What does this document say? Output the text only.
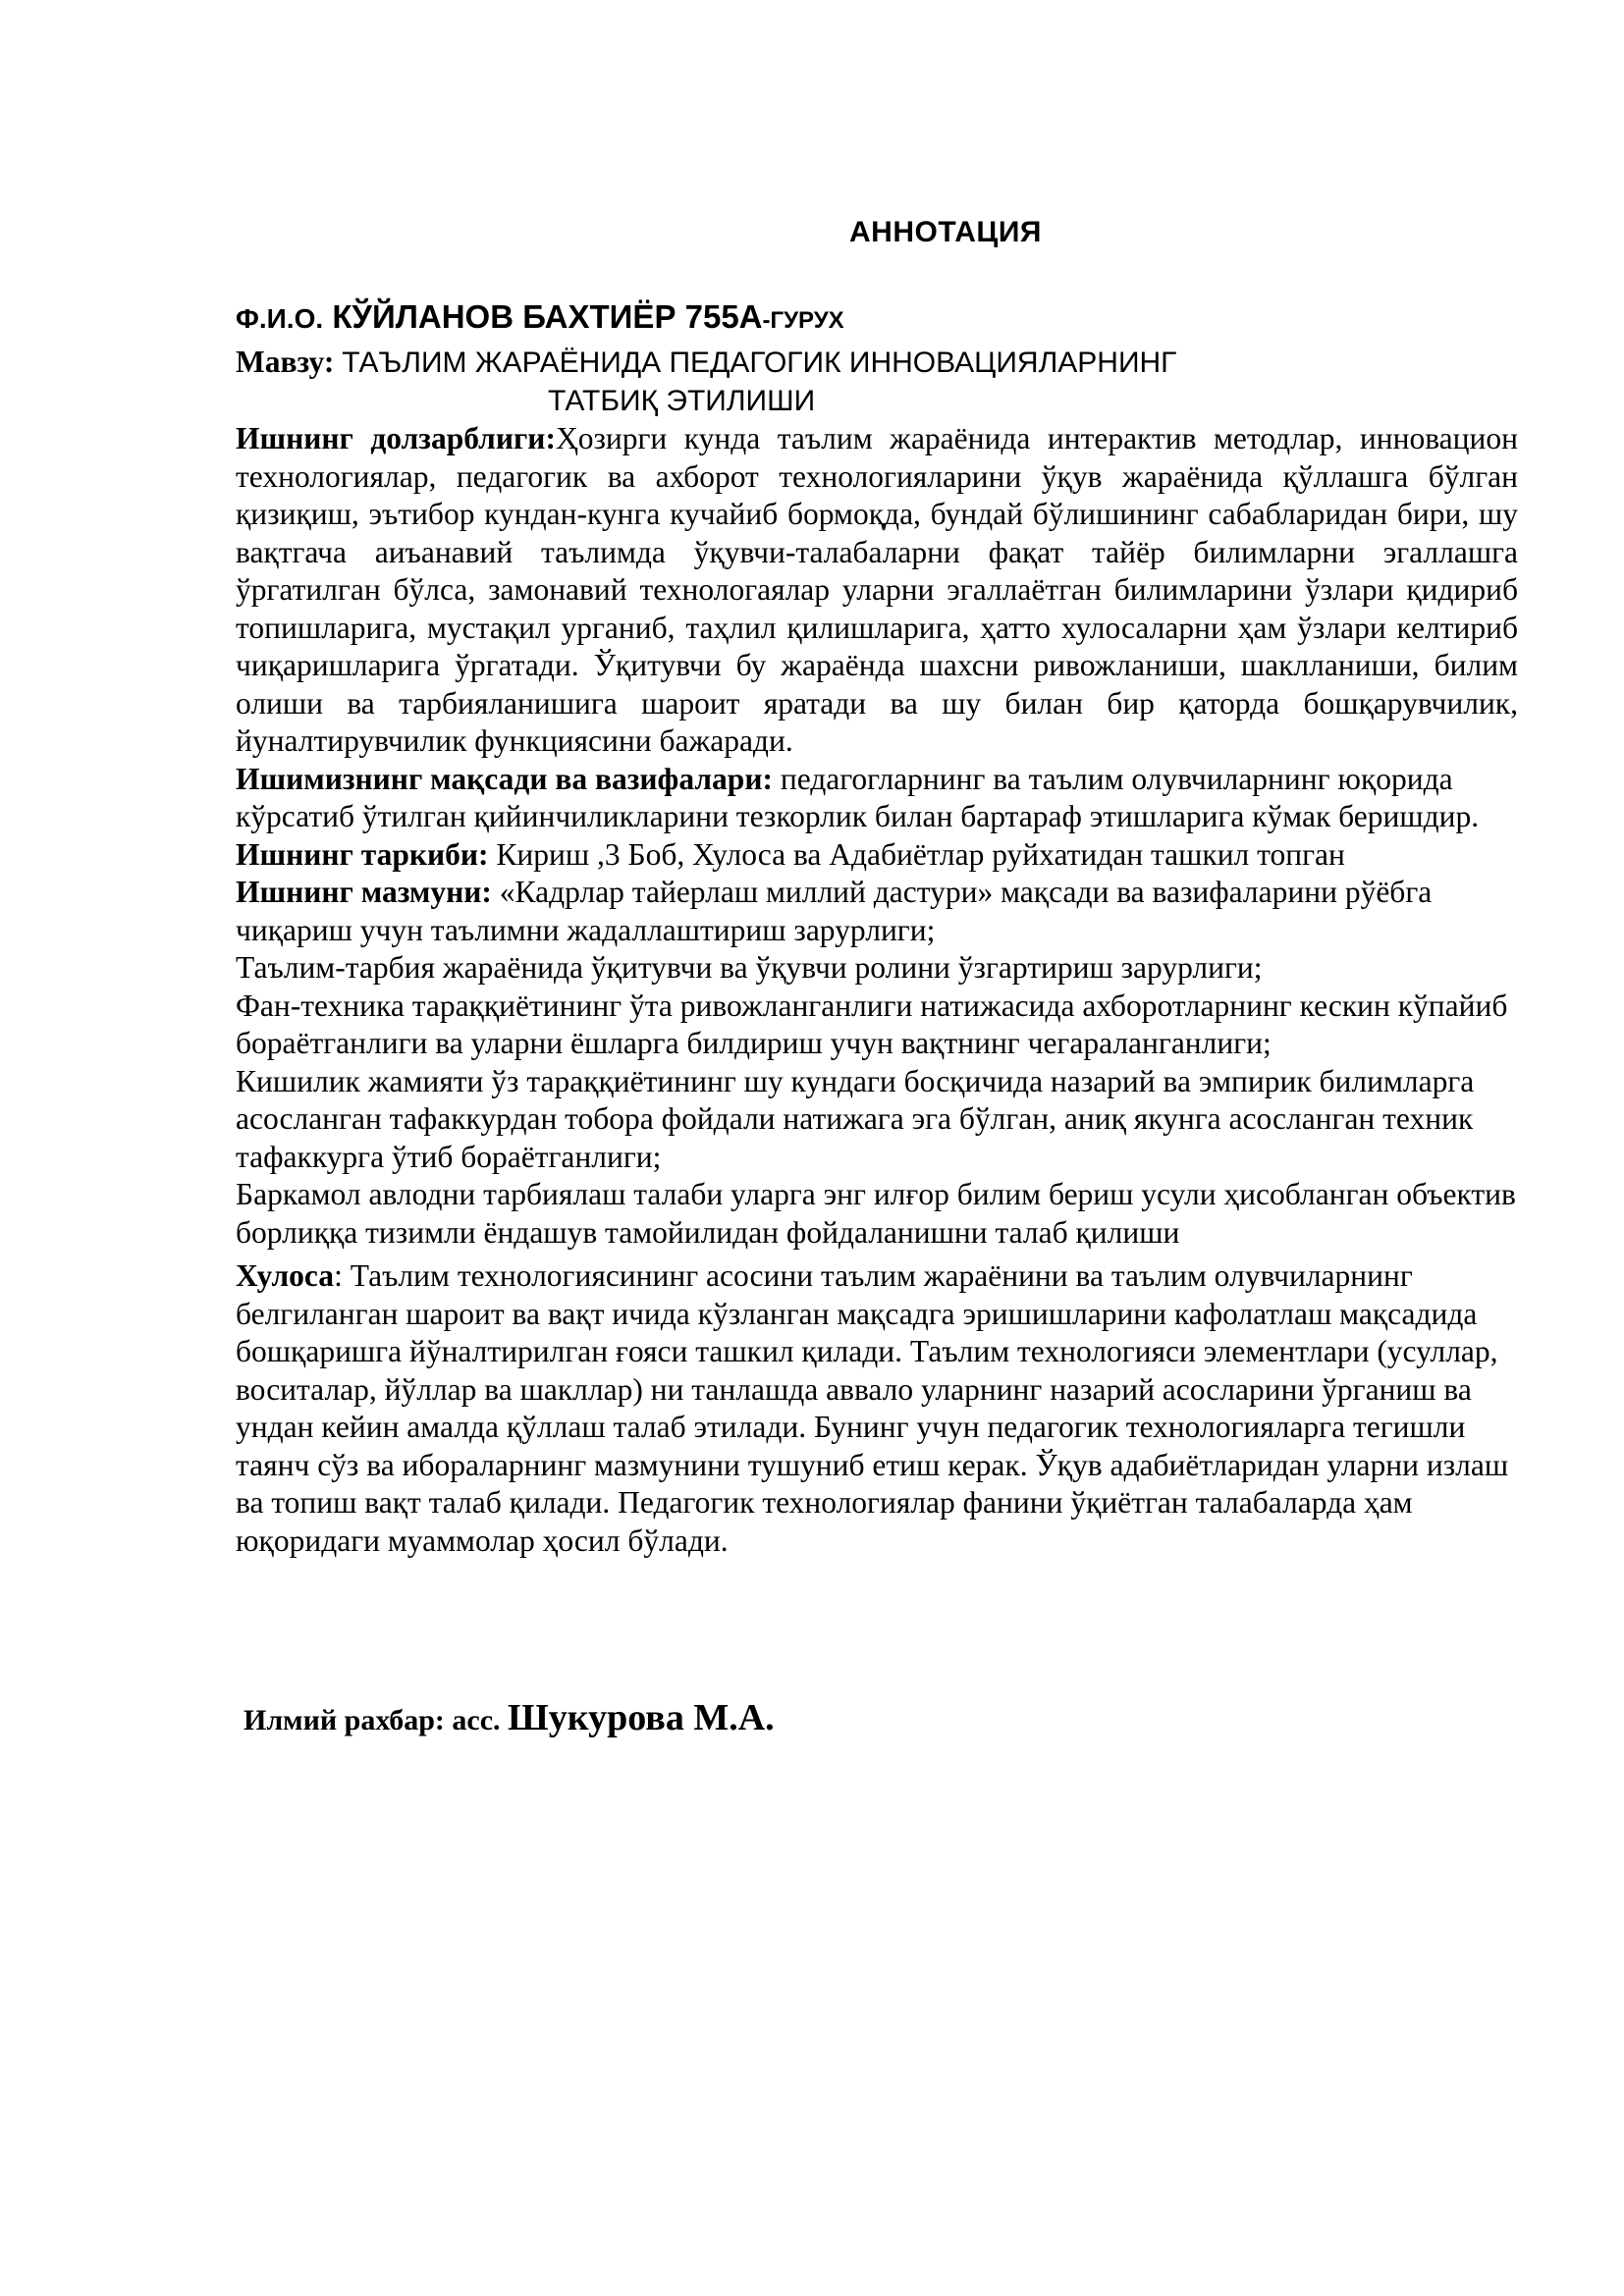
АННОТАЦИЯ
Ф.И.О. КЎЙЛАНОВ БАХТИЁР 755А-ГУРУХ
Мавзу: ТАЪЛИМ ЖАРАЁНИДА ПЕДАГОГИК ИННОВАЦИЯЛАРНИНГ
ТАТБИҚ ЭТИЛИШИ

Ишнинг долзарблиги:Ҳозирги кунда таълим жараёнида интерактив методлар, инновацион технологиялар, педагогик ва ахборот технологияларини ўқув жараёнида қўллашга бўлган қизиқиш, эътибор кундан-кунга кучайиб бормоқда, бундай бўлишининг сабабларидан бири, шу вақтгача аиъанавий таълимда ўқувчи-талабаларни фақат тайёр билимларни эгаллашга ўргатилган бўлса, замонавий технологаялар уларни эгаллаётган билимларини ўзлари қидириб топишларига, мустақил урганиб, таҳлил қилишларига, ҳатто хулосаларни ҳам ўзлари келтириб чиқаришларига ўргатади. Ўқитувчи бу жараёнда шахсни ривожланиши, шаклланиши, билим олиши ва тарбияланишига шароит яратади ва шу билан бир қаторда бошқарувчилик, йуналтирувчилик функциясини бажаради.

Ишимизнинг мақсади ва вазифалари: педагогларнинг ва таълим олувчиларнинг юқорида кўрсатиб ўтилган қийинчиликларини тезкорлик билан бартараф этишларига кўмак беришдир.

Ишнинг таркиби: Кириш ,3 Боб, Хулоса ва Адабиётлар руйхатидан ташкил топган

Ишнинг мазмуни: «Кадрлар тайерлаш миллий дастури» мақсади ва вазифаларини рўёбга чиқариш учун таълимни жадаллаштириш зарурлиги;

Таълим-тарбия жараёнида ўқитувчи ва ўқувчи ролини ўзгартириш зарурлиги;

Фан-техника тараққиётининг ўта ривожланганлиги натижасида ахборотларнинг кескин кўпайиб бораётганлиги ва уларни ёшларга билдириш учун вақтнинг чегараланганлиги;

Кишилик жамияти ўз тараққиётининг шу кундаги босқичида назарий ва эмпирик билимларга асосланган тафаккурдан тобора фойдали натижага эга бўлган, аниқ якунга асосланган техник тафаккурга ўтиб бораётганлиги;

Баркамол авлодни тарбиялаш талаби уларга энг илғор билим бериш усули ҳисобланган объектив борлиққа тизимли ёндашув тамойилидан фойдаланишни талаб қилиши

Хулоса: Таълим технологиясининг асосини таълим жараёнини ва таълим олувчиларнинг белгиланган шароит ва вақт ичида кўзланган мақсадга эришишларини кафолатлаш мақсадида бошқаришга йўналтирилган ғояси ташкил қилади. Таълим технологияси элементлари (усуллар, воситалар, йўллар ва шакллар) ни танлашда аввало уларнинг назарий асосларини ўрганиш ва ундан кейин амалда қўллаш талаб этилади. Бунинг учун педагогик технологияларга тегишли таянч сўз ва ибораларнинг мазмунини тушуниб етиш керак. Ўқув адабиётларидан уларни излаш ва топиш вақт талаб қилади. Педагогик технологиялар фанини ўқиётган талабаларда ҳам юқоридаги муаммолар ҳосил бўлади.

Илмий рахбар: асс. Шукурова М.А.
